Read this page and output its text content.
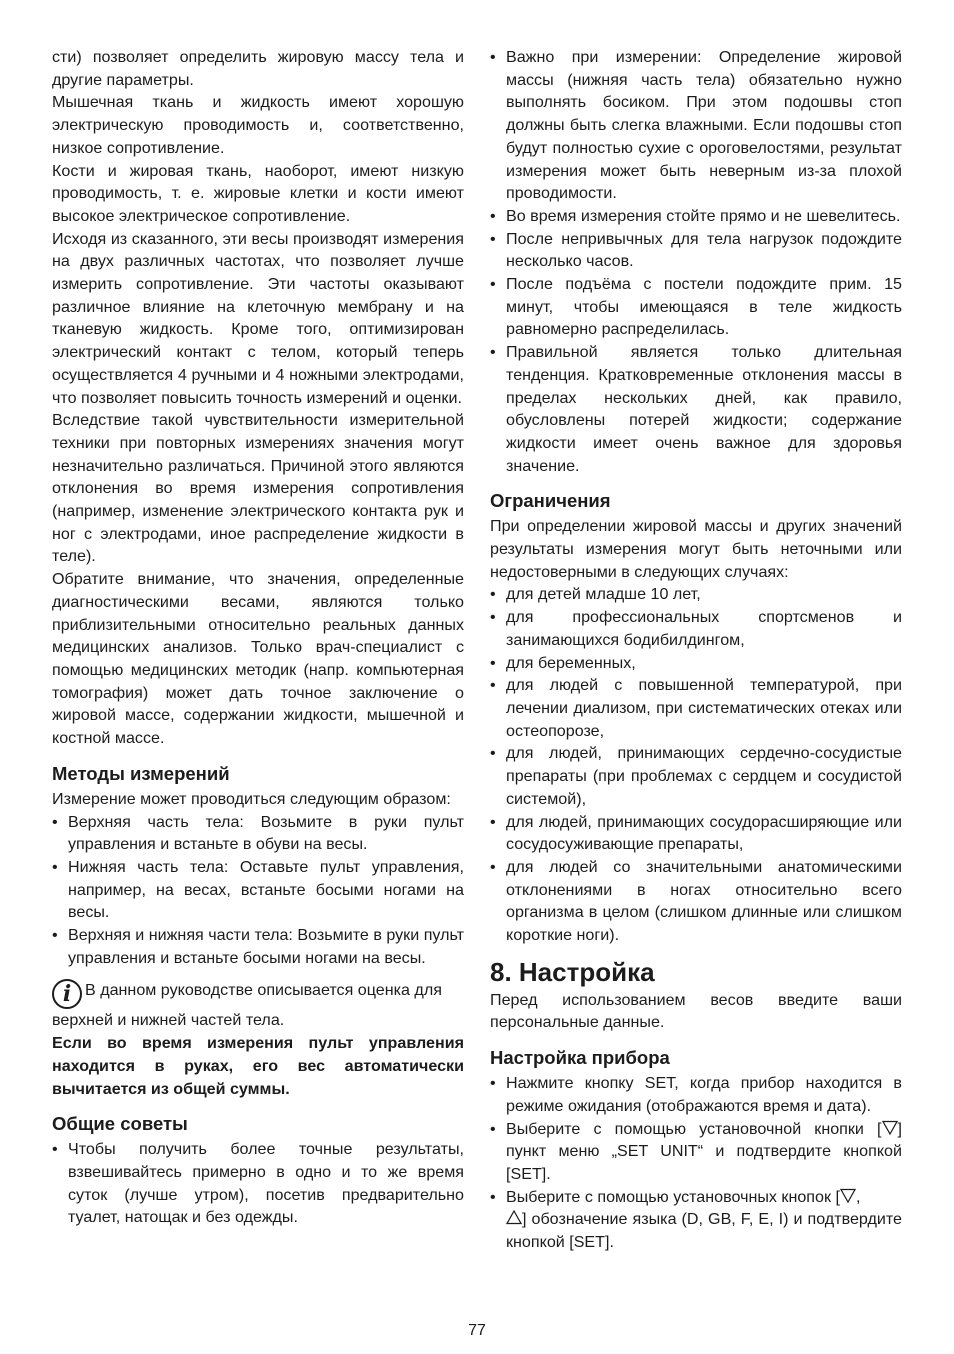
сти) позволяет определить жировую массу тела и другие параметры.

Мышечная ткань и жидкость имеют хорошую электрическую проводимость и, соответственно, низкое сопротивление.

Кости и жировая ткань, наоборот, имеют низкую проводимость, т. е. жировые клетки и кости имеют высокое электрическое сопротивление.

Исходя из сказанного, эти весы производят измерения на двух различных частотах, что позволяет лучше измерить сопротивление. Эти частоты оказывают различное влияние на клеточную мембрану и на тканевую жидкость. Кроме того, оптимизирован электрический контакт с телом, который теперь осуществляется 4 ручными и 4 ножными электродами, что позволяет повысить точность измерений и оценки.

Вследствие такой чувствительности измерительной техники при повторных измерениях значения могут незначительно различаться. Причиной этого являются отклонения во время измерения сопротивления (например, изменение электрического контакта рук и ног с электродами, иное распределение жидкости в теле).

Обратите внимание, что значения, определенные диагностическими весами, являются только приблизительными относительно реальных данных медицинских анализов. Только врач-специалист с помощью медицинских методик (напр. компьютерная томография) может дать точное заключение о жировой массе, содержании жидкости, мышечной и костной массе.

Методы измерений

Измерение может проводиться следующим образом:

• Верхняя часть тела: Возьмите в руки пульт управления и встаньте в обуви на весы.
• Нижняя часть тела: Оставьте пульт управления, например, на весах, встаньте босыми ногами на весы.
• Верхняя и нижняя части тела: Возьмите в руки пульт управления и встаньте босыми ногами на весы.

i В данном руководстве описывается оценка для верхней и нижней частей тела.

Если во время измерения пульт управления находится в руках, его вес автоматически вычитается из общей суммы.

Общие советы
• Чтобы получить более точные результаты, взвешивайтесь примерно в одно и то же время суток (лучше утром), посетив предварительно туалет, натощак и без одежды.
• Важно при измерении: Определение жировой массы (нижняя часть тела) обязательно нужно выполнять босиком. При этом подошвы стоп должны быть слегка влажными. Если подошвы стоп будут полностью сухие с ороговелостями, результат измерения может быть неверным из-за плохой проводимости.
• Во время измерения стойте прямо и не шевелитесь.
• После непривычных для тела нагрузок подождите несколько часов.
• После подъёма с постели подождите прим. 15 минут, чтобы имеющаяся в теле жидкость равномерно распределилась.
• Правильной является только длительная тенденция. Кратковременные отклонения массы в пределах нескольких дней, как правило, обусловлены потерей жидкости; содержание жидкости имеет очень важное для здоровья значение.
Ограничения

При определении жировой массы и других значений результаты измерения могут быть неточными или недостоверными в следующих случаях:

• для детей младше 10 лет,
• для профессиональных спортсменов и занимающихся бодибилдингом,
• для беременных,
• для людей с повышенной температурой, при лечении диализом, при систематических отеках или остеопорозе,
• для людей, принимающих сердечно-сосудистые препараты (при проблемах с сердцем и сосудистой системой),
• для людей, принимающих сосудорасширяющие или сосудосуживающие препараты,
• для людей со значительными анатомическими отклонениями в ногах относительно всего организма в целом (слишком длинные или слишком короткие ноги).
8. Настройка

Перед использованием весов введите ваши персональные данные.

Настройка прибора
• Нажмите кнопку SET, когда прибор находится в режиме ожидания (отображаются время и дата).
• Выберите с помощью установочной кнопки [ ] пункт меню „SET UNIT“ и подтвердите кнопкой [SET].
• Выберите с помощью установочных кнопок [ ,
] обозначение языка (D, GB, F, E, I) и подтвердите кнопкой [SET].
77
